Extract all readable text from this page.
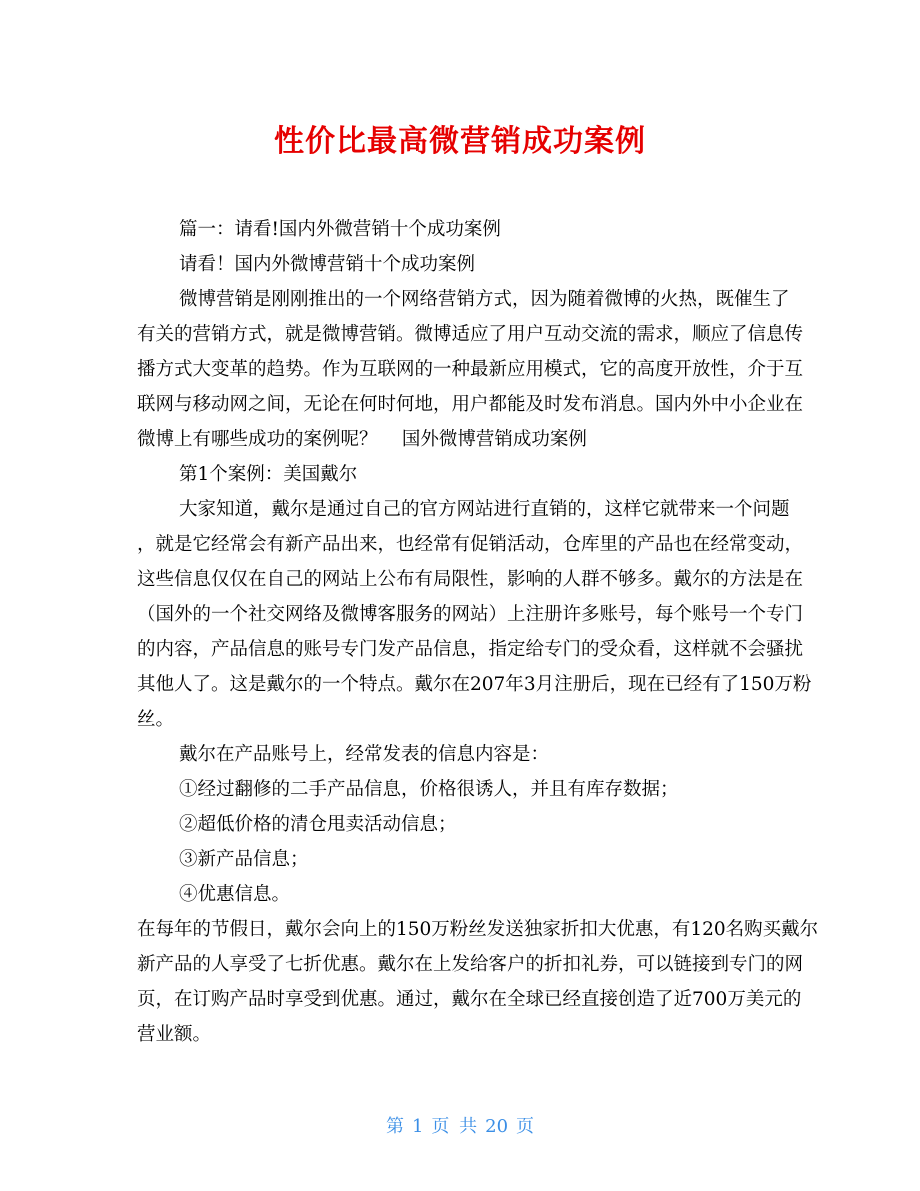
性价比最高微营销成功案例
篇一：请看!国内外微营销十个成功案例
请看！国内外微博营销十个成功案例
微博营销是刚刚推出的一个网络营销方式，因为随着微博的火热，既催生了
有关的营销方式，就是微博营销。微博适应了用户互动交流的需求，顺应了信息传
播方式大变革的趋势。作为互联网的一种最新应用模式，它的高度开放性，介于互
联网与移动网之间，无论在何时何地，用户都能及时发布消息。国内外中小企业在
微博上有哪些成功的案例呢？　 国外微博营销成功案例
第1个案例：美国戴尔
大家知道，戴尔是通过自己的官方网站进行直销的，这样它就带来一个问题
，就是它经常会有新产品出来，也经常有促销活动，仓库里的产品也在经常变动，
这些信息仅仅在自己的网站上公布有局限性，影响的人群不够多。戴尔的方法是在
（国外的一个社交网络及微博客服务的网站）上注册许多账号，每个账号一个专门
的内容，产品信息的账号专门发产品信息，指定给专门的受众看，这样就不会骚扰
其他人了。这是戴尔的一个特点。戴尔在207年3月注册后，现在已经有了150万粉
丝。
戴尔在产品账号上，经常发表的信息内容是：
①经过翻修的二手产品信息，价格很诱人，并且有库存数据；
②超低价格的清仓甩卖活动信息；
③新产品信息；
④优惠信息。
在每年的节假日，戴尔会向上的150万粉丝发送独家折扣大优惠，有120名购买戴尔
新产品的人享受了七折优惠。戴尔在上发给客户的折扣礼券，可以链接到专门的网
页，在订购产品时享受到优惠。通过，戴尔在全球已经直接创造了近700万美元的
营业额。
第 1 页 共 20 页
